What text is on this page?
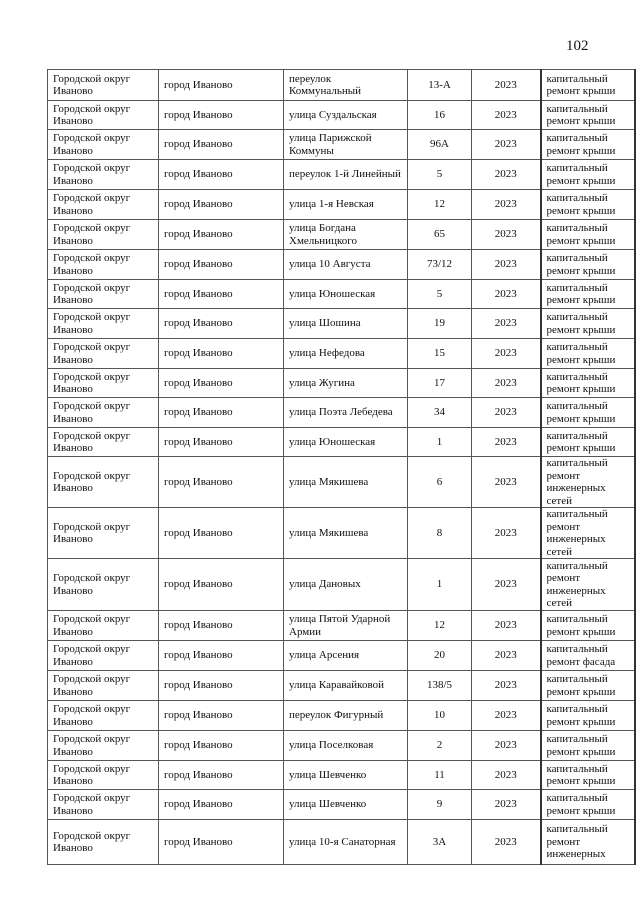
102
Городской округ Иваново	город Иваново	переулок Коммунальный	13-А	2023	капитальный ремонт крыши
Городской округ Иваново	город Иваново	улица Суздальская	16	2023	капитальный ремонт крыши
Городской округ Иваново	город Иваново	улица Парижской Коммуны	96А	2023	капитальный ремонт крыши
Городской округ Иваново	город Иваново	переулок 1-й Линейный	5	2023	капитальный ремонт крыши
Городской округ Иваново	город Иваново	улица 1-я Невская	12	2023	капитальный ремонт крыши
Городской округ Иваново	город Иваново	улица Богдана Хмельницкого	65	2023	капитальный ремонт крыши
Городской округ Иваново	город Иваново	улица 10 Августа	73/12	2023	капитальный ремонт крыши
Городской округ Иваново	город Иваново	улица Юношеская	5	2023	капитальный ремонт крыши
Городской округ Иваново	город Иваново	улица Шошина	19	2023	капитальный ремонт крыши
Городской округ Иваново	город Иваново	улица Нефедова	15	2023	капитальный ремонт крыши
Городской округ Иваново	город Иваново	улица Жугина	17	2023	капитальный ремонт крыши
Городской округ Иваново	город Иваново	улица Поэта Лебедева	34	2023	капитальный ремонт крыши
Городской округ Иваново	город Иваново	улица Юношеская	1	2023	капитальный ремонт крыши
Городской округ Иваново	город Иваново	улица Мякишева	6	2023	капитальный ремонт инженерных сетей
Городской округ Иваново	город Иваново	улица Мякишева	8	2023	капитальный ремонт инженерных сетей
Городской округ Иваново	город Иваново	улица Дановых	1	2023	капитальный ремонт инженерных сетей
Городской округ Иваново	город Иваново	улица Пятой Ударной Армии	12	2023	капитальный ремонт крыши
Городской округ Иваново	город Иваново	улица Арсения	20	2023	капитальный ремонт фасада
Городской округ Иваново	город Иваново	улица Каравайковой	138/5	2023	капитальный ремонт крыши
Городской округ Иваново	город Иваново	переулок Фигурный	10	2023	капитальный ремонт крыши
Городской округ Иваново	город Иваново	улица Поселковая	2	2023	капитальный ремонт крыши
Городской округ Иваново	город Иваново	улица Шевченко	11	2023	капитальный ремонт крыши
Городской округ Иваново	город Иваново	улица Шевченко	9	2023	капитальный ремонт крыши
Городской округ Иваново	город Иваново	улица 10-я Санаторная	3А	2023	капитальный ремонт инженерных
